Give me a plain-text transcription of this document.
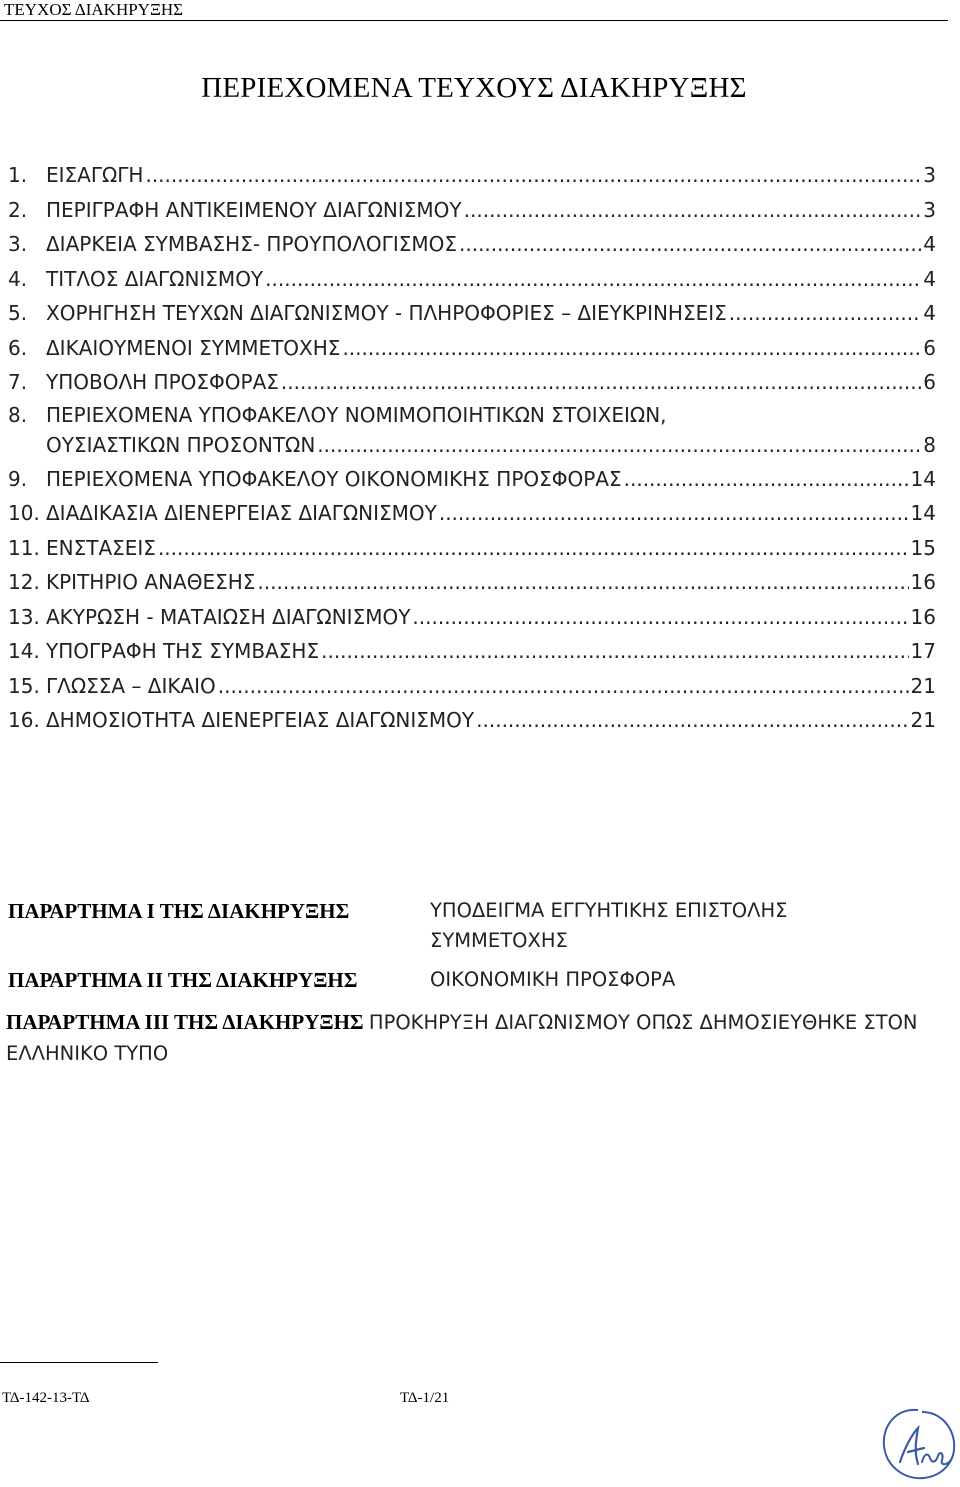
ΤΕΥΧΟΣ ΔΙΑΚΗΡΥΞΗΣ
ΠΕΡΙΕΧΟΜΕΝΑ ΤΕΥΧΟΥΣ ΔΙΑΚΗΡΥΞΗΣ
1. ΕΙΣΑΓΩΓΗ .....	3
2. ΠΕΡΙΓΡΑΦΗ ΑΝΤΙΚΕΙΜΕΝΟΥ ΔΙΑΓΩΝΙΣΜΟΥ .....	3
3. ΔΙΑΡΚΕΙΑ ΣΥΜΒΑΣΗΣ- ΠΡΟΥΠΟΛΟΓΙΣΜΟΣ .....	4
4. ΤΙΤΛΟΣ ΔΙΑΓΩΝΙΣΜΟΥ .....	4
5. ΧΟΡΗΓΗΣΗ ΤΕΥΧΩΝ ΔΙΑΓΩΝΙΣΜΟΥ - ΠΛΗΡΟΦΟΡΙΕΣ – ΔΙΕΥΚΡΙΝΗΣΕΙΣ .....	4
6. ΔΙΚΑΙΟΥΜΕΝΟΙ ΣΥΜΜΕΤΟΧΗΣ .....	6
7. ΥΠΟΒΟΛΗ ΠΡΟΣΦΟΡΑΣ .....	6
8. ΠΕΡΙΕΧΟΜΕΝΑ ΥΠΟΦΑΚΕΛΟΥ ΝΟΜΙΜΟΠΟΙΗΤΙΚΩΝ ΣΤΟΙΧΕΙΩΝ,
ΟΥΣΙΑΣΤΙΚΩΝ ΠΡΟΣΟΝΤΩΝ .....	8
9. ΠΕΡΙΕΧΟΜΕΝΑ ΥΠΟΦΑΚΕΛΟΥ ΟΙΚΟΝΟΜΙΚΗΣ ΠΡΟΣΦΟΡΑΣ .....	14
10. ΔΙΑΔΙΚΑΣΙΑ ΔΙΕΝΕΡΓΕΙΑΣ ΔΙΑΓΩΝΙΣΜΟΥ .....	14
11. ΕΝΣΤΑΣΕΙΣ .....	15
12. ΚΡΙΤΗΡΙΟ ΑΝΑΘΕΣΗΣ .....	16
13. ΑΚΥΡΩΣΗ - ΜΑΤΑΙΩΣΗ ΔΙΑΓΩΝΙΣΜΟΥ .....	16
14. ΥΠΟΓΡΑΦΗ ΤΗΣ ΣΥΜΒΑΣΗΣ .....	17
15. ΓΛΩΣΣΑ – ΔΙΚΑΙΟ .....	21
16. ΔΗΜΟΣΙΟΤΗΤΑ ΔΙΕΝΕΡΓΕΙΑΣ ΔΙΑΓΩΝΙΣΜΟΥ .....	21
ΠΑΡΑΡΤΗΜΑ Ι ΤΗΣ ΔΙΑΚΗΡΥΞΗΣ	ΥΠΟΔΕΙΓΜΑ ΕΓΓΥΗΤΙΚΗΣ ΕΠΙΣΤΟΛΗΣ ΣΥΜΜΕΤΟΧΗΣ
ΠΑΡΑΡΤΗΜΑ ΙΙ ΤΗΣ ΔΙΑΚΗΡΥΞΗΣ	ΟΙΚΟΝΟΜΙΚΗ ΠΡΟΣΦΟΡΑ
ΠΑΡΑΡΤΗΜΑ ΙΙΙ ΤΗΣ ΔΙΑΚΗΡΥΞΗΣ ΠΡΟΚΗΡΥΞΗ ΔΙΑΓΩΝΙΣΜΟΥ ΟΠΩΣ ΔΗΜΟΣΙΕΥΘΗΚΕ ΣΤΟΝ ΕΛΛΗΝΙΚΟ ΤΥΠΟ
ΤΔ-142-13-ΤΔ	ΤΔ-1/21
